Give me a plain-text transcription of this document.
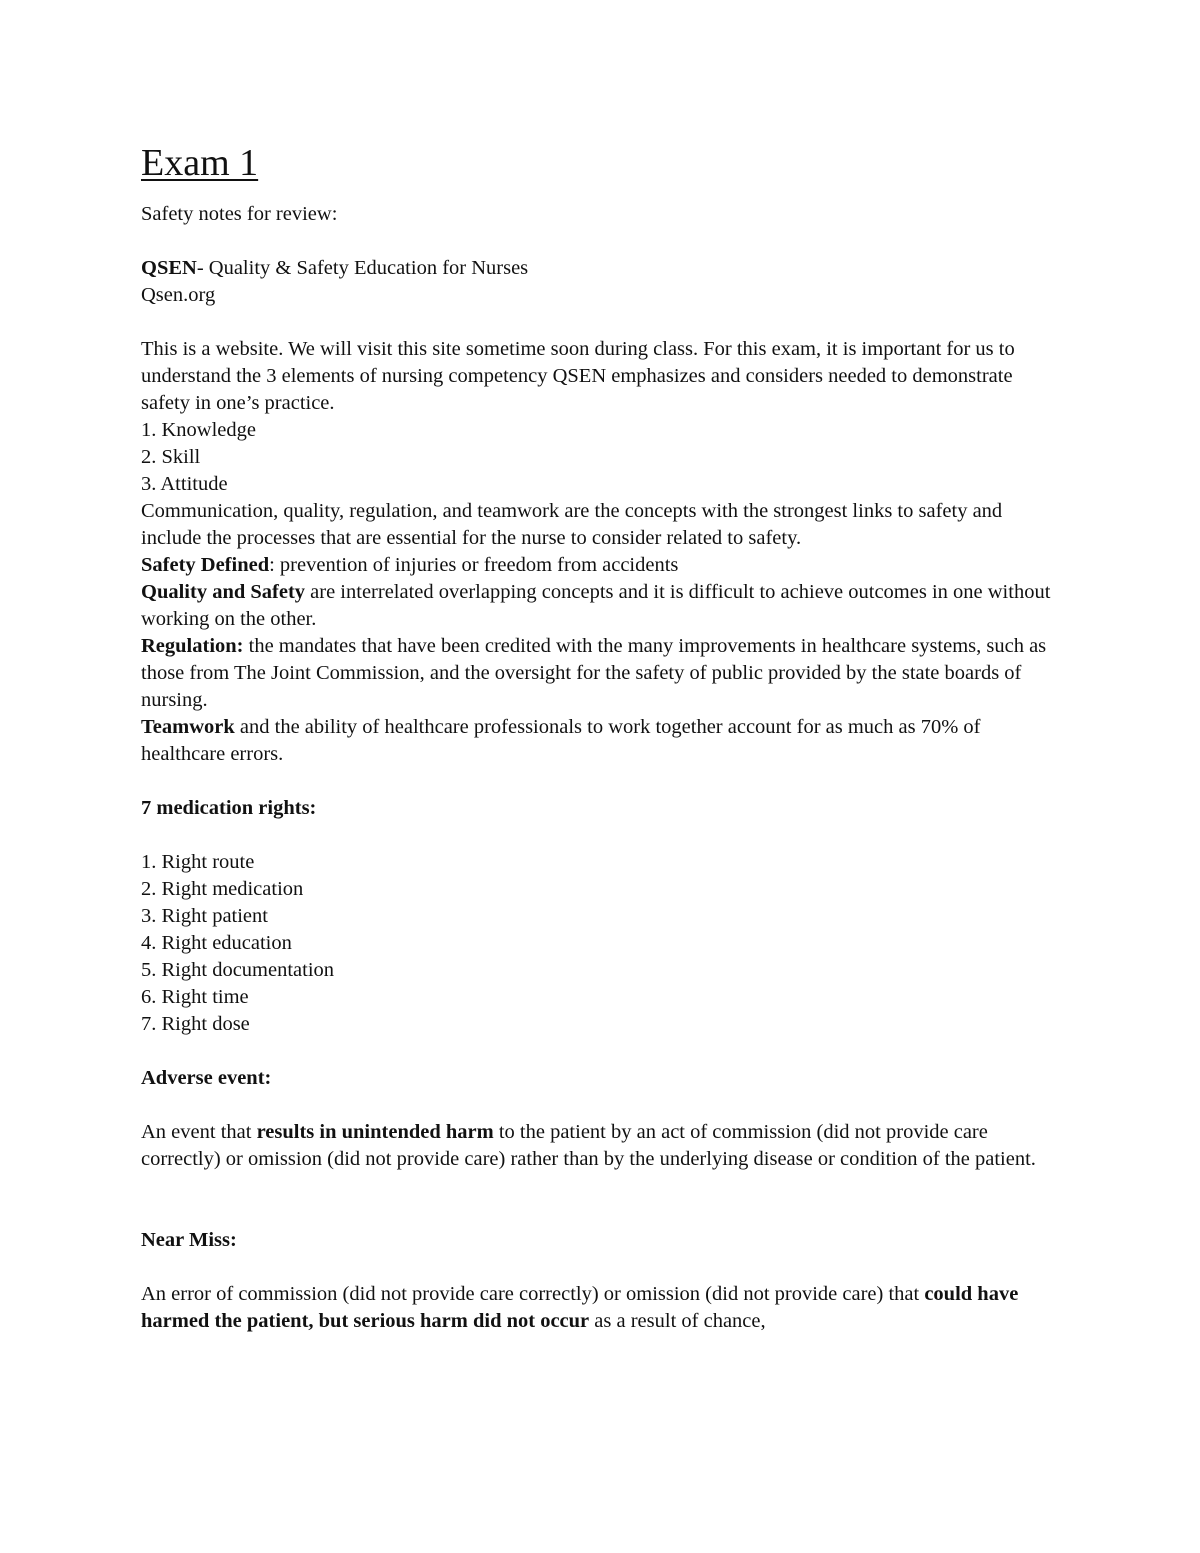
Exam 1

Safety notes for review:

QSEN- Quality & Safety Education for Nurses

Qsen.org

This is a website. We will visit this site sometime soon during class. For this exam, it is important for us to understand the 3 elements of nursing competency QSEN emphasizes and considers needed to demonstrate safety in one’s practice.

1. Knowledge
2. Skill
3. Attitude

Communication, quality, regulation, and teamwork are the concepts with the strongest links to safety and include the processes that are essential for the nurse to consider related to safety.

Safety Defined: prevention of injuries or freedom from accidents

Quality and Safety are interrelated overlapping concepts and it is difficult to achieve outcomes in one without working on the other.

Regulation: the mandates that have been credited with the many improvements in healthcare systems, such as those from The Joint Commission, and the oversight for the safety of public provided by the state boards of nursing.

Teamwork and the ability of healthcare professionals to work together account for as much as 70% of healthcare errors.

7 medication rights:

1. Right route
2. Right medication
3. Right patient
4. Right education
5. Right documentation
6. Right time
7. Right dose

Adverse event:

An event that results in unintended harm to the patient by an act of commission (did not provide care correctly) or omission (did not provide care) rather than by the underlying disease or condition of the patient.

Near Miss:

An error of commission (did not provide care correctly) or omission (did not provide care) that could have harmed the patient, but serious harm did not occur as a result of chance,
